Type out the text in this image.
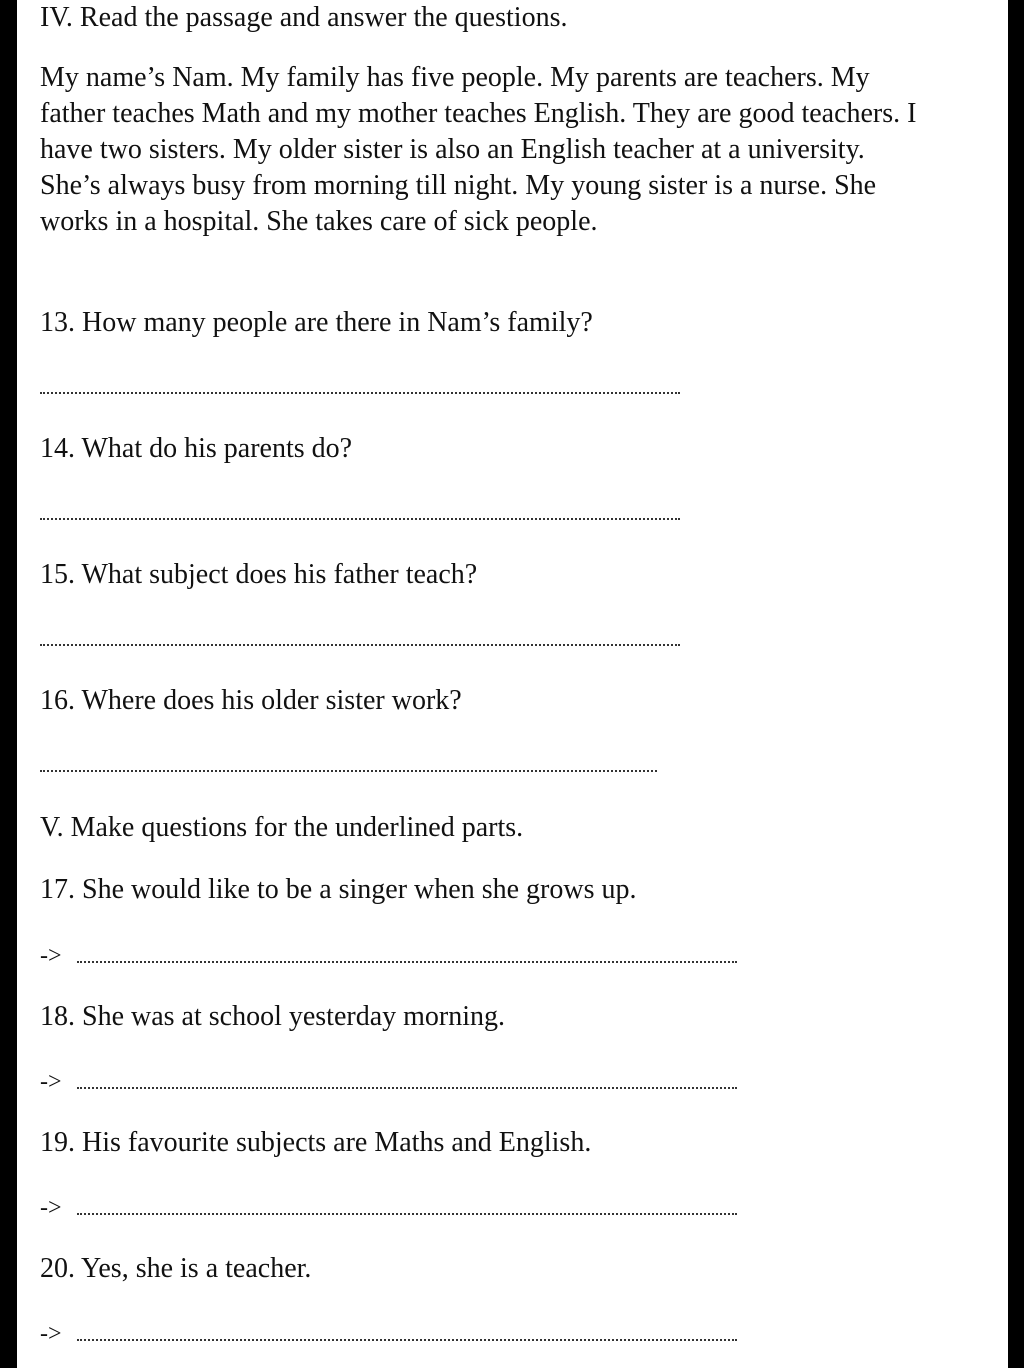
IV. Read the passage and answer the questions.

My name’s Nam. My family has five people. My parents are teachers. My father teaches Math and my mother teaches English. They are good teachers. I have two sisters. My older sister is also an English teacher at a university. She’s always busy from morning till night. My young sister is a nurse. She works in a hospital. She takes care of sick people.

13. How many people are there in Nam’s family?

14. What do his parents do?

15. What subject does his father teach?

16. Where does his older sister work?

V. Make questions for the underlined parts.

17. She would like to be a singer when she grows up.

->

18. She was at school yesterday morning.

->

19. His favourite subjects are Maths and English.

->

20. Yes, she is a teacher.

->
